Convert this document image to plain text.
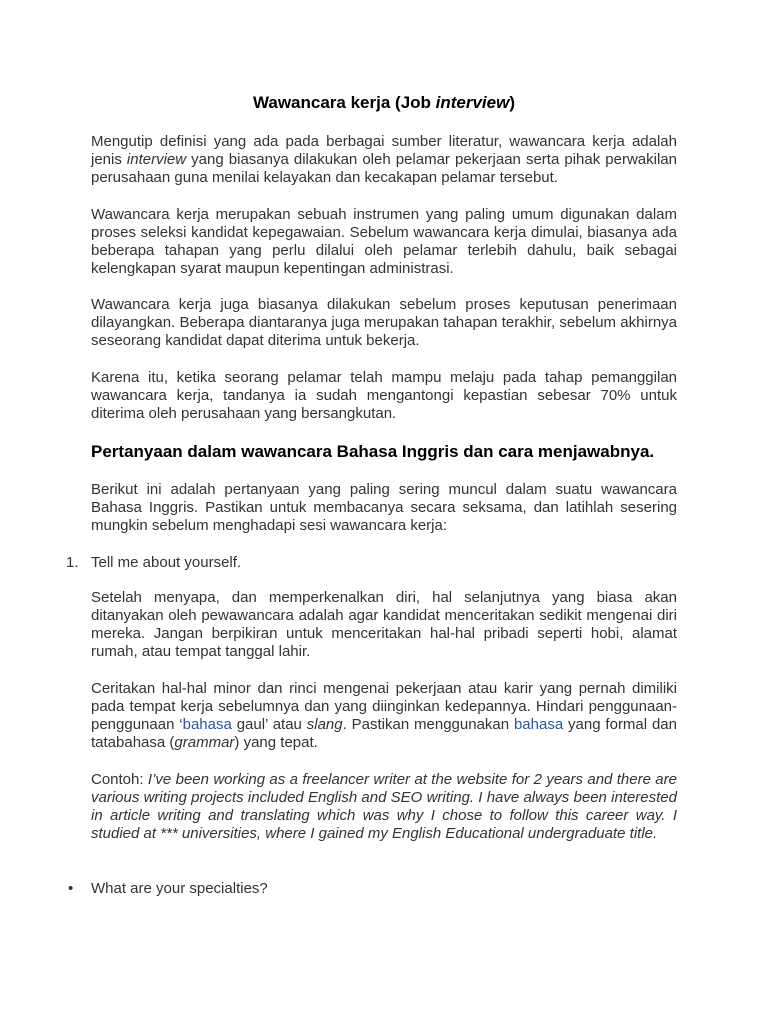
Wawancara kerja (Job interview)

Mengutip definisi yang ada pada berbagai sumber literatur, wawancara kerja adalah jenis interview yang biasanya dilakukan oleh pelamar pekerjaan serta pihak perwakilan perusahaan guna menilai kelayakan dan kecakapan pelamar tersebut.

Wawancara kerja merupakan sebuah instrumen yang paling umum digunakan dalam proses seleksi kandidat kepegawaian. Sebelum wawancara kerja dimulai, biasanya ada beberapa tahapan yang perlu dilalui oleh pelamar terlebih dahulu, baik sebagai kelengkapan syarat maupun kepentingan administrasi.

Wawancara kerja juga biasanya dilakukan sebelum proses keputusan penerimaan dilayangkan. Beberapa diantaranya juga merupakan tahapan terakhir, sebelum akhirnya seseorang kandidat dapat diterima untuk bekerja.

Karena itu, ketika seorang pelamar telah mampu melaju pada tahap pemanggilan wawancara kerja, tandanya ia sudah mengantongi kepastian sebesar 70% untuk diterima oleh perusahaan yang bersangkutan.

Pertanyaan dalam wawancara Bahasa Inggris dan cara menjawabnya.

Berikut ini adalah pertanyaan yang paling sering muncul dalam suatu wawancara Bahasa Inggris. Pastikan untuk membacanya secara seksama, dan latihlah sesering mungkin sebelum menghadapi sesi wawancara kerja:

1. Tell me about yourself.

Setelah menyapa, dan memperkenalkan diri, hal selanjutnya yang biasa akan ditanyakan oleh pewawancara adalah agar kandidat menceritakan sedikit mengenai diri mereka. Jangan berpikiran untuk menceritakan hal-hal pribadi seperti hobi, alamat rumah, atau tempat tanggal lahir.

Ceritakan hal-hal minor dan rinci mengenai pekerjaan atau karir yang pernah dimiliki pada tempat kerja sebelumnya dan yang diinginkan kedepannya. Hindari penggunaan-penggunaan ‘bahasa gaul’ atau slang. Pastikan menggunakan bahasa yang formal dan tatabahasa (grammar) yang tepat.

Contoh: I’ve been working as a freelancer writer at the website for 2 years and there are various writing projects included English and SEO writing. I have always been interested in article writing and translating which was why I chose to follow this career way. I studied at *** universities, where I gained my English Educational undergraduate title.

• What are your specialties?
